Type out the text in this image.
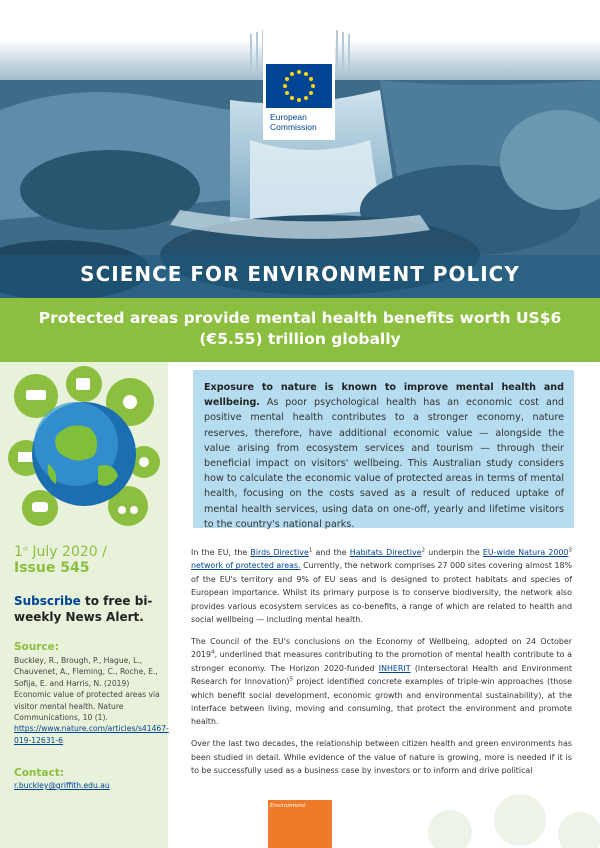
European
Commission
SCIENCE FOR ENVIRONMENT POLICY
Protected areas provide mental health benefits worth US$6 (€5.55) trillion globally
1st July 2020 /
Issue 545
Subscribe to free bi-weekly News Alert.
Source:
Buckley, R., Brough, P., Hague, L., Chauvenet, A., Fleming, C., Roche, E., Sofija, E. and Harris, N. (2019) Economic value of protected areas via visitor mental health. Nature Communications, 10 (1). https://www.nature.com/articles/s41467-019-12631-6
Contact:
r.buckley@griffith.edu.au
Exposure to nature is known to improve mental health and wellbeing. As poor psychological health has an economic cost and positive mental health contributes to a stronger economy, nature reserves, therefore, have additional economic value — alongside the value arising from ecosystem services and tourism — through their beneficial impact on visitors' wellbeing. This Australian study considers how to calculate the economic value of protected areas in terms of mental health, focusing on the costs saved as a result of reduced uptake of mental health services, using data on one-off, yearly and lifetime visitors to the country's national parks.

In the EU, the Birds Directive$^1$ and the Habitats Directive$^2$ underpin the EU-wide Natura 2000$^3$ network of protected areas. Currently, the network comprises 27 000 sites covering almost 18% of the EU's territory and 9% of EU seas and is designed to protect habitats and species of European importance. Whilst its primary purpose is to conserve biodiversity, the network also provides various ecosystem services as co-benefits, a range of which are related to health and social wellbeing — including mental health.

The Council of the EU's conclusions on the Economy of Wellbeing, adopted on 24 October 2019$^4$, underlined that measures contributing to the promotion of mental health contribute to a stronger economy. The Horizon 2020-funded INHERIT (Intersectoral Health and Environment Research for Innovation)$^5$ project identified concrete examples of triple-win approaches (those which benefit social development, economic growth and environmental sustainability), at the interface between living, moving and consuming, that protect the environment and promote health.

Over the last two decades, the relationship between citizen health and green environments has been studied in detail. While evidence of the value of nature is growing, more is needed if it is to be successfully used as a business case by investors or to inform and drive political

Environment
